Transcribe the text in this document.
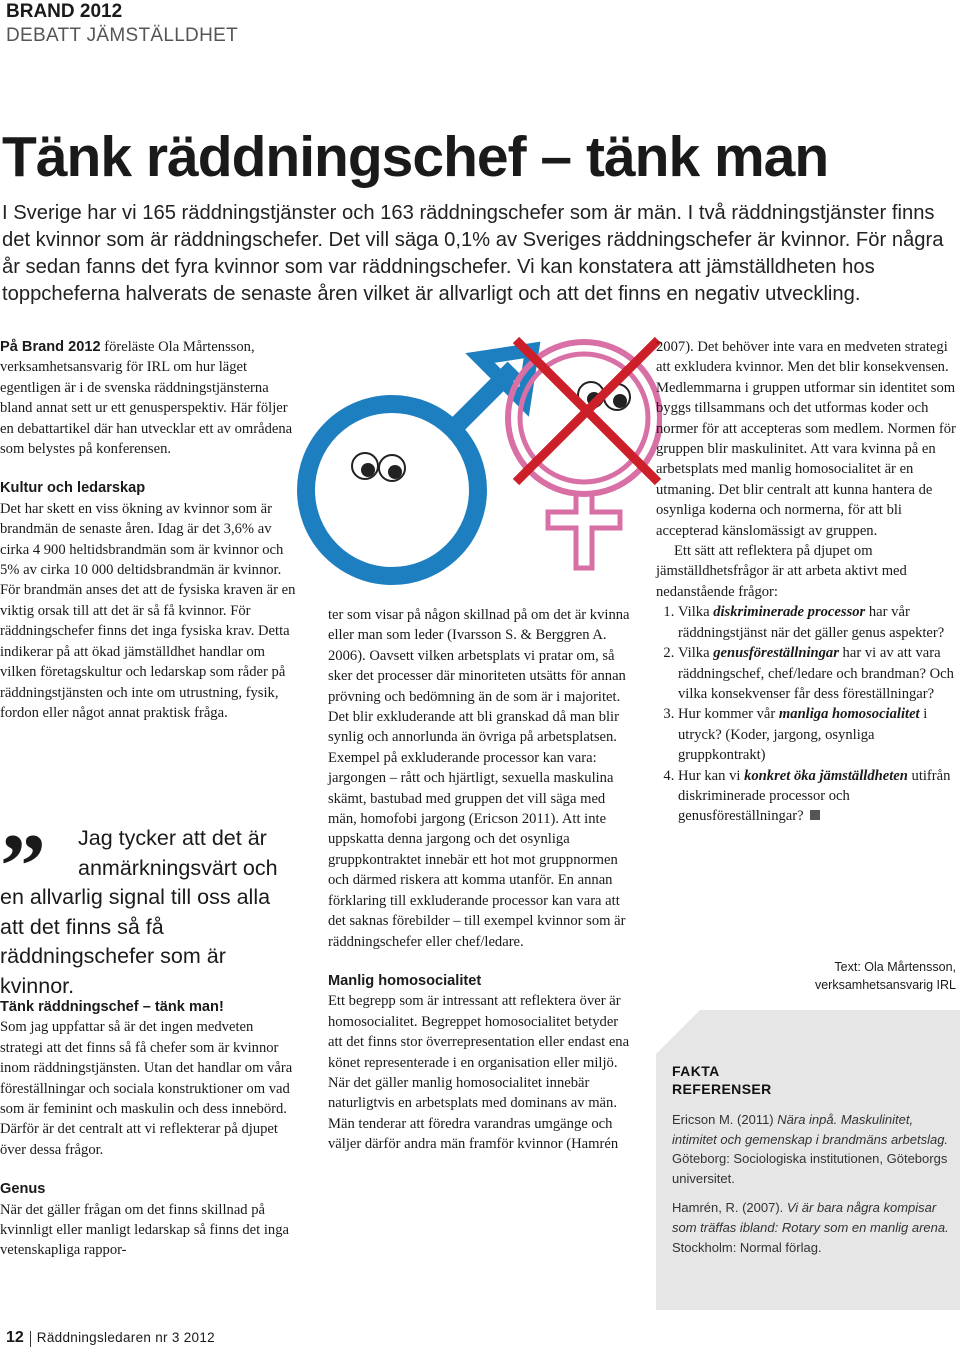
BRAND 2012
DEBATT JÄMSTÄLLDHET
Tänk räddningschef – tänk man
I Sverige har vi 165 räddningstjänster och 163 räddningschefer som är män. I två räddningstjänster finns det kvinnor som är räddningschefer. Det vill säga 0,1% av Sveriges räddningschefer är kvinnor. För några år sedan fanns det fyra kvinnor som var räddningschefer. Vi kan konstatera att jämställdheten hos toppcheferna halverats de senaste åren vilket är allvarligt och att det finns en negativ utveckling.

På Brand 2012 föreläste Ola Mårtensson, verksamhetsansvarig för IRL om hur läget egentligen är i de svenska räddningstjänsterna bland annat sett ur ett genusperspektiv. Här följer en debattartikel där han utvecklar ett av områdena som belystes på konferensen.

Kultur och ledarskap

Det har skett en viss ökning av kvinnor som är brandmän de senaste åren. Idag är det 3,6% av cirka 4 900 heltidsbrandmän som är kvinnor och 5% av cirka 10 000 deltidsbrandmän är kvinnor. För brandmän anses det att de fysiska kraven är en viktig orsak till att det är så få kvinnor. För räddningschefer finns det inga fysiska krav. Detta indikerar på att ökad jämställdhet handlar om vilken företagskultur och ledarskap som råder på räddningstjänsten och inte om utrustning, fysik, fordon eller något annat praktisk fråga.

”	Jag tycker att det är
anmärkningsvärt och
en allvarlig signal till oss alla att det finns så få räddningschefer som är kvinnor.

Tänk räddningschef – tänk man!

Som jag uppfattar så är det ingen medveten strategi att det finns så få chefer som är kvinnor inom räddningstjänsten. Utan det handlar om våra föreställningar och sociala konstruktioner om vad som är feminint och maskulin och dess innebörd. Därför är det centralt att vi reflekterar på djupet över dessa frågor.

Genus

När det gäller frågan om det finns skillnad på kvinnligt eller manligt ledarskap så finns det inga vetenskapliga rappor-

ter som visar på någon skillnad på om det är kvinna eller man som leder (Ivarsson S. & Berggren A. 2006). Oavsett vilken arbetsplats vi pratar om, så sker det processer där minoriteten utsätts för annan prövning och bedömning än de som är i majoritet. Det blir exkluderande att bli granskad då man blir synlig och annorlunda än övriga på arbetsplatsen. Exempel på exkluderande processor kan vara: jargongen – rått och hjärtligt, sexuella maskulina skämt, bastubad med gruppen det vill säga med män, homofobi jargong (Ericson 2011). Att inte uppskatta denna jargong och det osynliga gruppkontraktet innebär ett hot mot gruppnormen och därmed riskera att komma utanför. En annan förklaring till exkluderande processor kan vara att det saknas förebilder – till exempel kvinnor som är räddningschefer eller chef/ledare.

Manlig homosocialitet

Ett begrepp som är intressant att reflektera över är homosocialitet. Begreppet homosocialitet betyder att det finns stor överrepresentation eller endast ena könet representerade i en organisation eller miljö. När det gäller manlig homosocialitet innebär naturligtvis en arbetsplats med dominans av män. Män tenderar att föredra varandras umgänge och väljer därför andra män framför kvinnor (Hamrén

2007). Det behöver inte vara en medveten strategi att exkludera kvinnor. Men det blir konsekvensen. Medlemmarna i gruppen utformar sin identitet som byggs tillsammans och det utformas koder och normer för att accepteras som medlem. Normen för gruppen blir maskulinitet. Att vara kvinna på en arbetsplats med manlig homosocialitet är en utmaning. Det blir centralt att kunna hantera de osynliga koderna och normerna, för att bli accepterad känslomässigt av gruppen.

Ett sätt att reflektera på djupet om jämställdhetsfrågor är att arbeta aktivt med nedanstående frågor:

1. Vilka diskriminerade processor har vår räddningstjänst när det gäller genus aspekter?
2. Vilka genusföreställningar har vi av att vara räddningschef, chef/ledare och brandman? Och vilka konsekvenser får dess föreställningar?
3. Hur kommer vår manliga homosocialitet i utryck? (Koder, jargong, osynliga gruppkontrakt)
4. Hur kan vi konkret öka jämställdheten utifrån diskriminerade processor och genusföreställningar?
Text: Ola Mårtensson,
verksamhetsansvarig IRL
FAKTA
REFERENSER
Ericson M. (2011) Nära inpå. Maskulinitet, intimitet och gemenskap i brandmäns arbetslag. Göteborg: Sociologiska institutionen, Göteborgs universitet.
Hamrén, R. (2007). Vi är bara några kompisar som träffas ibland: Rotary som en manlig arena. Stockholm: Normal förlag.
12 Räddningsledaren nr 3 2012
